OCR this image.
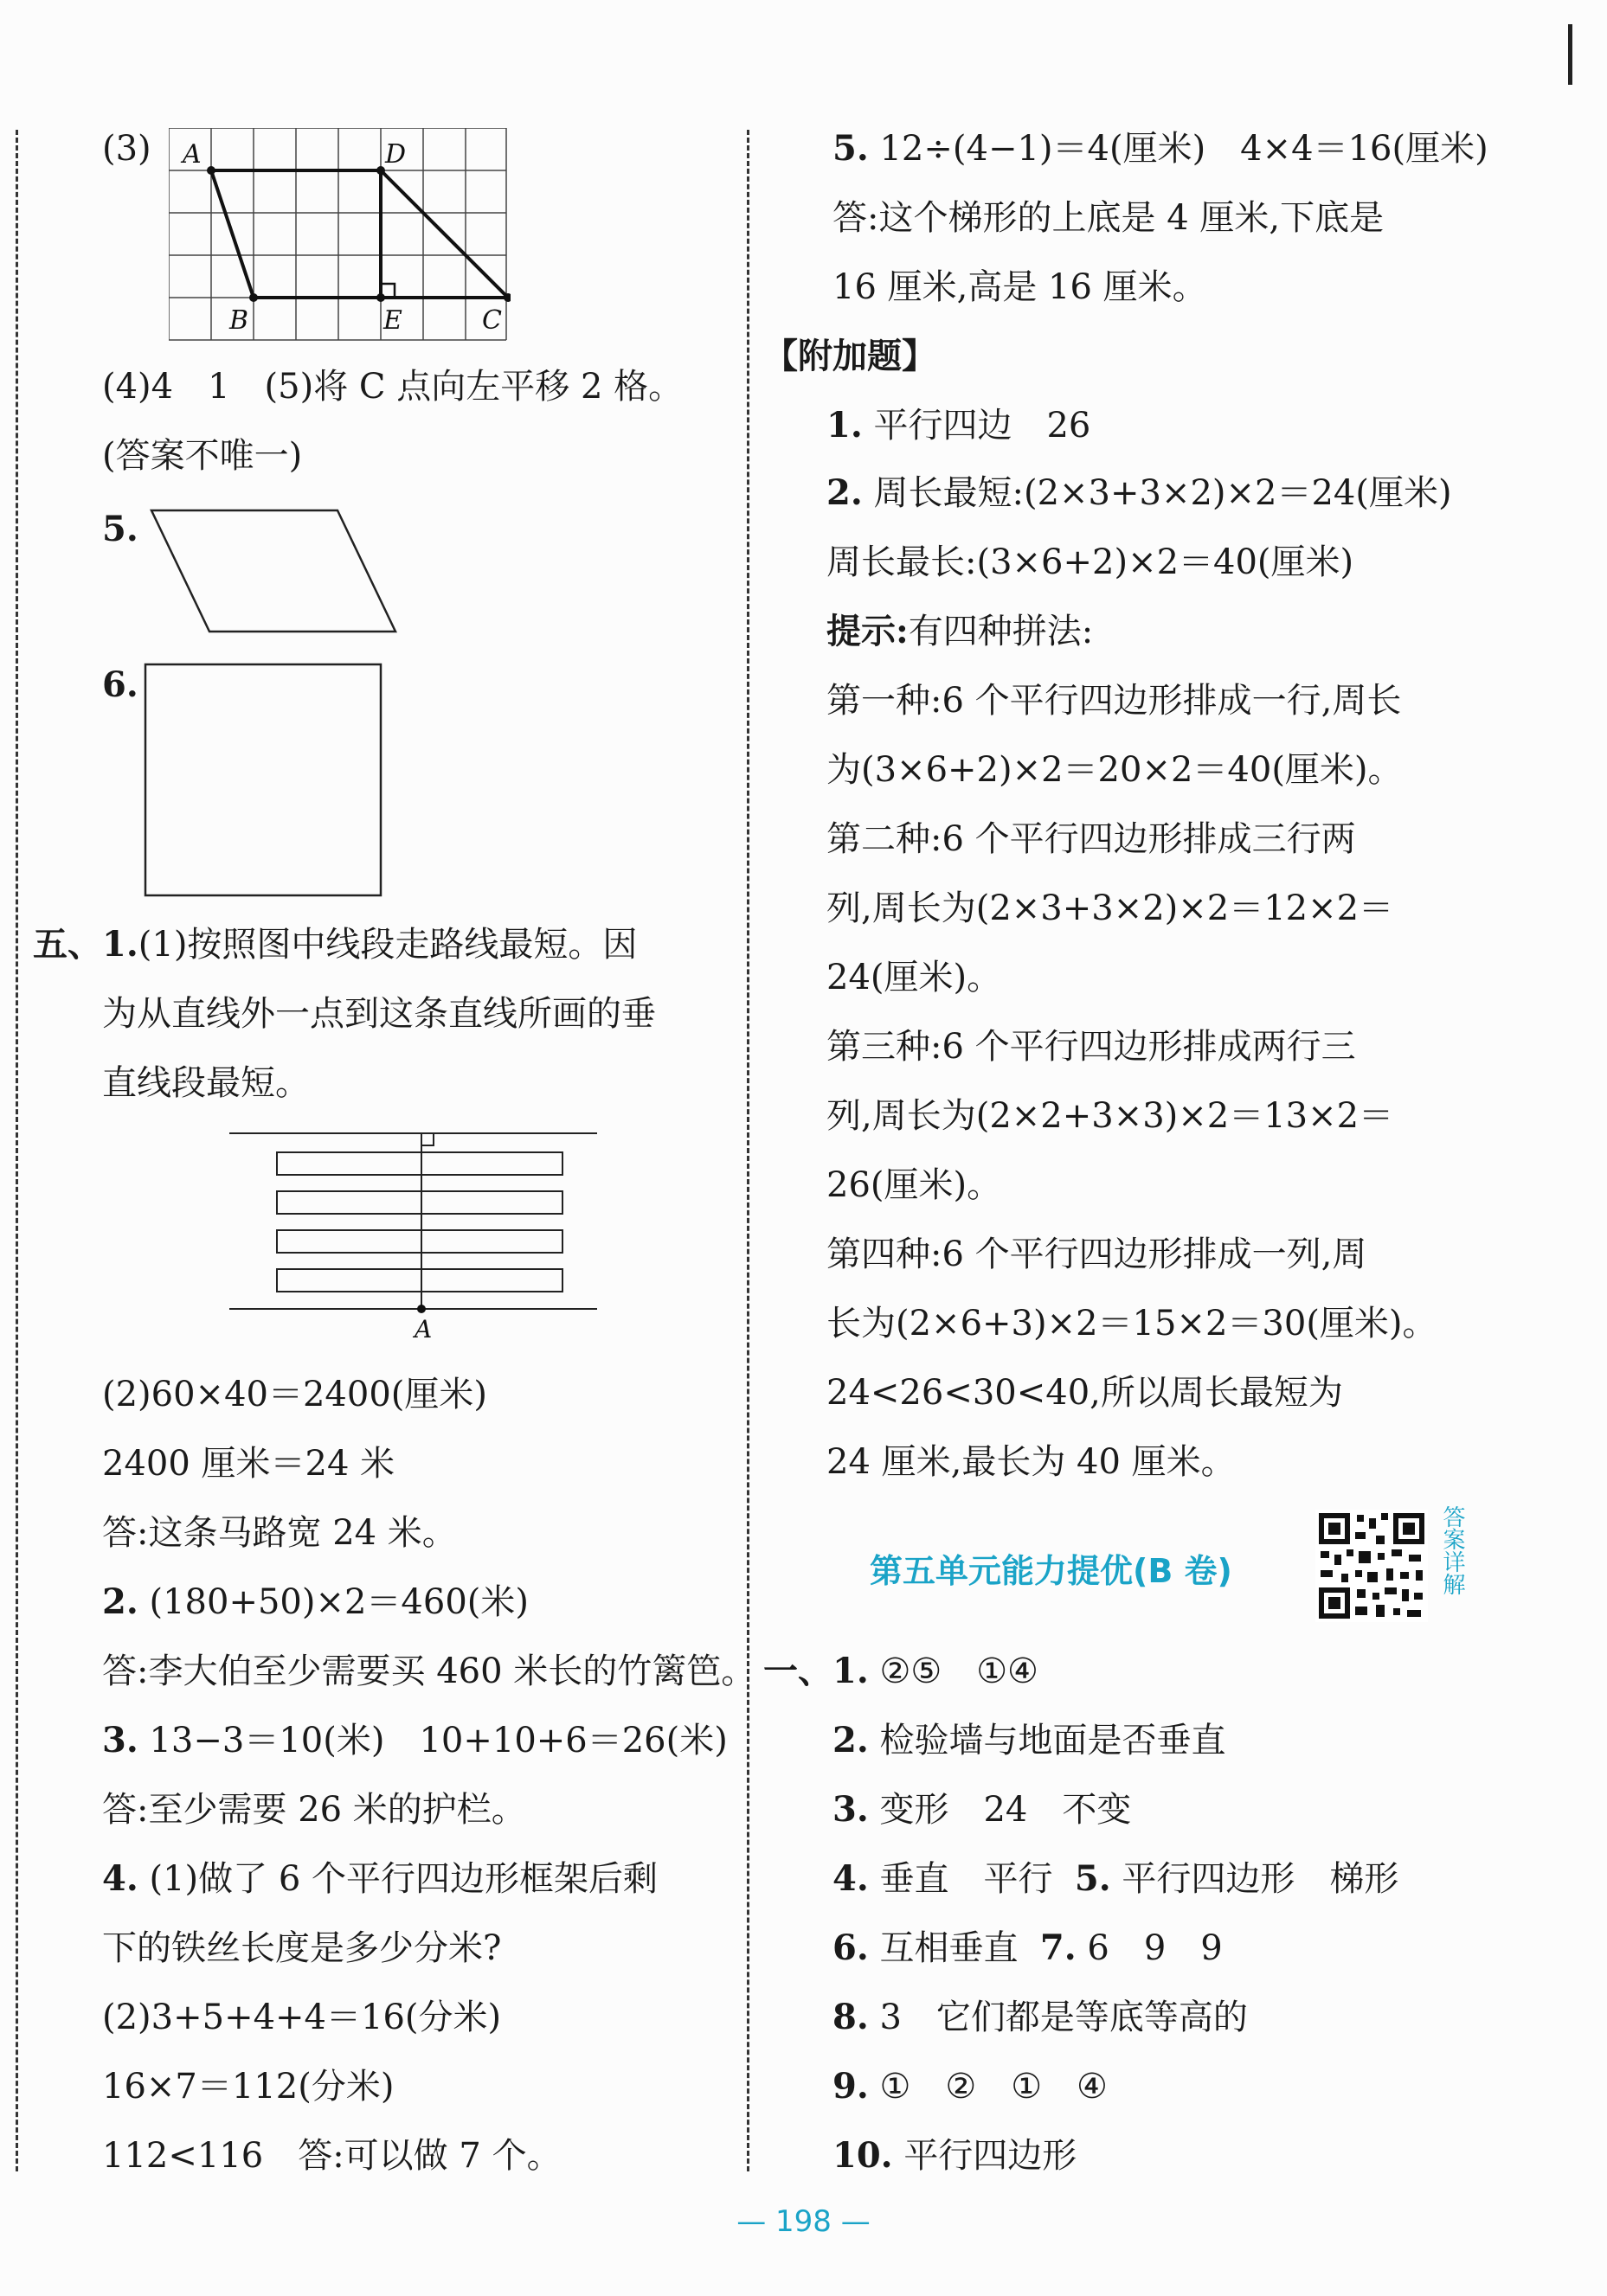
(3) A	D
B	E	C
(4)4　1　(5)将 C 点向左平移 2 格。
(答案不唯一)
5.
6.
五、1.(1)按照图中线段走路线最短。因
为从直线外一点到这条直线所画的垂
直线段最短。
A
(2)60×40＝2400(厘米)
2400 厘米＝24 米
答:这条马路宽 24 米。
2. (180+50)×2＝460(米)
答:李大伯至少需要买 460 米长的竹篱笆。
3. 13−3＝10(米)　10+10+6＝26(米)
答:至少需要 26 米的护栏。
4. (1)做了 6 个平行四边形框架后剩
下的铁丝长度是多少分米?
(2)3+5+4+4＝16(分米)
16×7＝112(分米)
112<116　答:可以做 7 个。
5. 12÷(4−1)＝4(厘米)　4×4＝16(厘米)
答:这个梯形的上底是 4 厘米,下底是
16 厘米,高是 16 厘米。
【附加题】
1. 平行四边　26
2. 周长最短:(2×3+3×2)×2＝24(厘米)
周长最长:(3×6+2)×2＝40(厘米)
提示:有四种拼法:
第一种:6 个平行四边形排成一行,周长
为(3×6+2)×2＝20×2＝40(厘米)。
第二种:6 个平行四边形排成三行两
列,周长为(2×3+3×2)×2＝12×2＝
24(厘米)。
第三种:6 个平行四边形排成两行三
列,周长为(2×2+3×3)×2＝13×2＝
26(厘米)。
第四种:6 个平行四边形排成一列,周
长为(2×6+3)×2＝15×2＝30(厘米)。
24<26<30<40,所以周长最短为
24 厘米,最长为 40 厘米。
第五单元能力提优(B 卷)	答案详解
一、1. ②⑤　①④
2. 检验墙与地面是否垂直
3. 变形　24　不变
4. 垂直　平行 5. 平行四边形　梯形
6. 互相垂直 7. 6　9　9
8. 3　它们都是等底等高的
9. ①　②　①　④
10. 平行四边形
— 198 —
